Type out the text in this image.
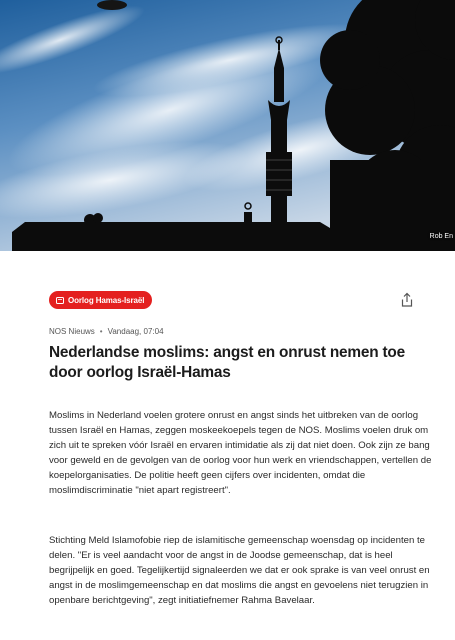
Rob En
Oorlog Hamas-Israël
NOS Nieuws • Vandaag, 07:04
Nederlandse moslims: angst en onrust nemen toe door oorlog Israël-Hamas

Moslims in Nederland voelen grotere onrust en angst sinds het uitbreken van de oorlog tussen Israël en Hamas, zeggen moskeekoepels tegen de NOS. Moslims voelen druk om zich uit te spreken vóór Israël en ervaren intimidatie als zij dat niet doen. Ook zijn ze bang voor geweld en de gevolgen van de oorlog voor hun werk en vriendschappen, vertellen de koepelorganisaties. De politie heeft geen cijfers over incidenten, omdat die moslimdiscriminatie "niet apart registreert".

Stichting Meld Islamofobie riep de islamitische gemeenschap woensdag op incidenten te delen. "Er is veel aandacht voor de angst in de Joodse gemeenschap, dat is heel begrijpelijk en goed. Tegelijkertijd signaleerden we dat er ook sprake is van veel onrust en angst in de moslimgemeenschap en dat moslims die angst en gevoelens niet terugzien in openbare berichtgeving", zegt initiatiefnemer Rahma Bavelaar.
